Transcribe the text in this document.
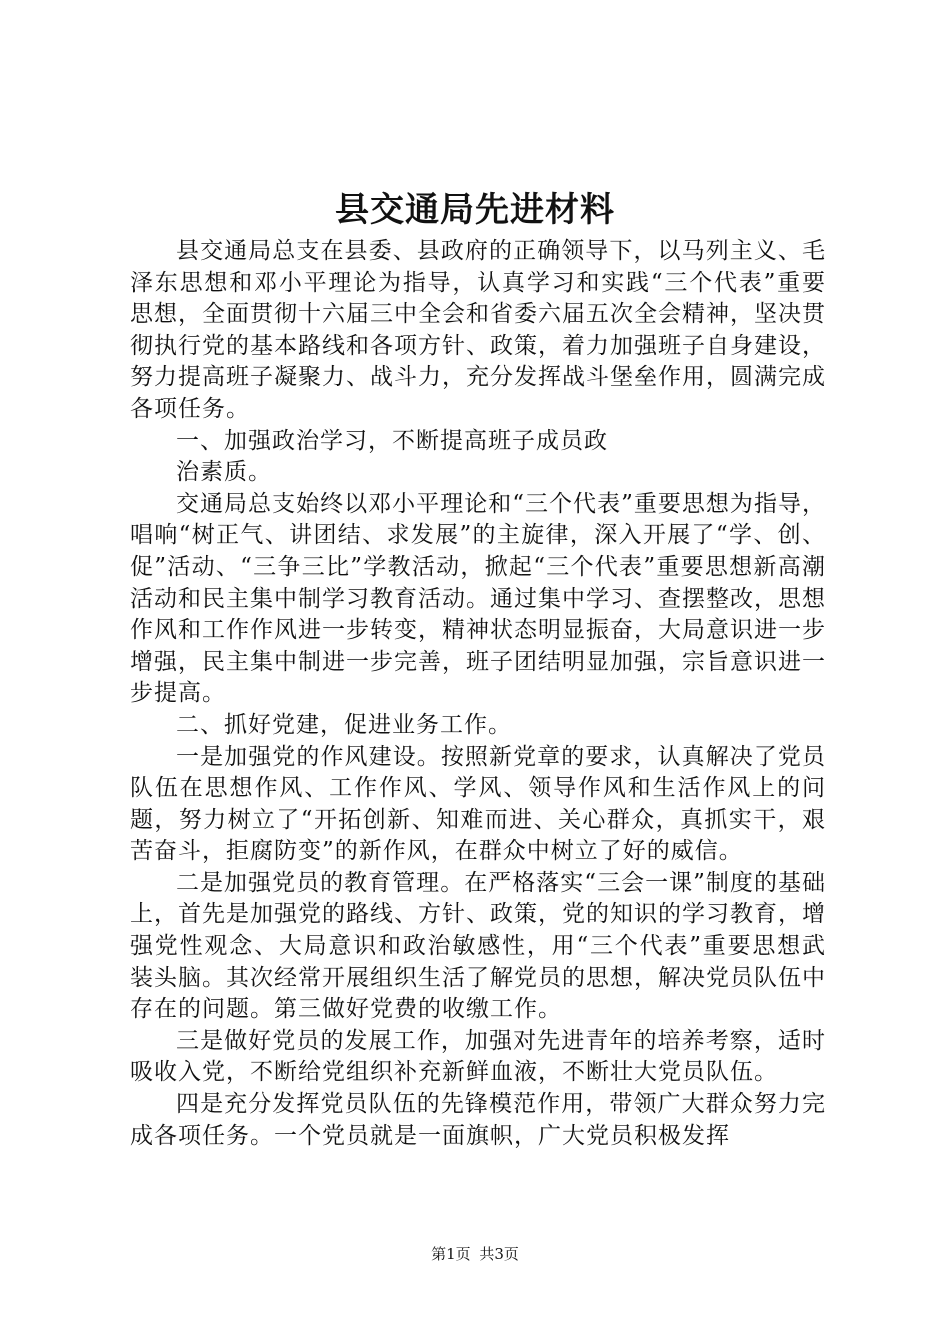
县交通局先进材料

县交通局总支在县委、县政府的正确领导下，以马列主义、毛泽东思想和邓小平理论为指导，认真学习和实践“三个代表”重要思想，全面贯彻十六届三中全会和省委六届五次全会精神，坚决贯彻执行党的基本路线和各项方针、政策，着力加强班子自身建设，努力提高班子凝聚力、战斗力，充分发挥战斗堡垒作用，圆满完成各项任务。

一、加强政治学习，不断提高班子成员政

治素质。

交通局总支始终以邓小平理论和“三个代表”重要思想为指导，唱响“树正气、讲团结、求发展”的主旋律，深入开展了“学、创、促”活动、“三争三比”学教活动，掀起“三个代表”重要思想新高潮活动和民主集中制学习教育活动。通过集中学习、查摆整改，思想作风和工作作风进一步转变，精神状态明显振奋，大局意识进一步增强，民主集中制进一步完善，班子团结明显加强，宗旨意识进一步提高。

二、抓好党建，促进业务工作。

一是加强党的作风建设。按照新党章的要求，认真解决了党员队伍在思想作风、工作作风、学风、领导作风和生活作风上的问题，努力树立了“开拓创新、知难而进、关心群众，真抓实干，艰苦奋斗，拒腐防变”的新作风，在群众中树立了好的威信。

二是加强党员的教育管理。在严格落实“三会一课”制度的基础上，首先是加强党的路线、方针、政策，党的知识的学习教育，增强党性观念、大局意识和政治敏感性，用“三个代表”重要思想武装头脑。其次经常开展组织生活了解党员的思想，解决党员队伍中存在的问题。第三做好党费的收缴工作。

三是做好党员的发展工作，加强对先进青年的培养考察，适时吸收入党，不断给党组织补充新鲜血液，不断壮大党员队伍。

四是充分发挥党员队伍的先锋模范作用，带领广大群众努力完成各项任务。一个党员就是一面旗帜，广大党员积极发挥

第1页 共3页
